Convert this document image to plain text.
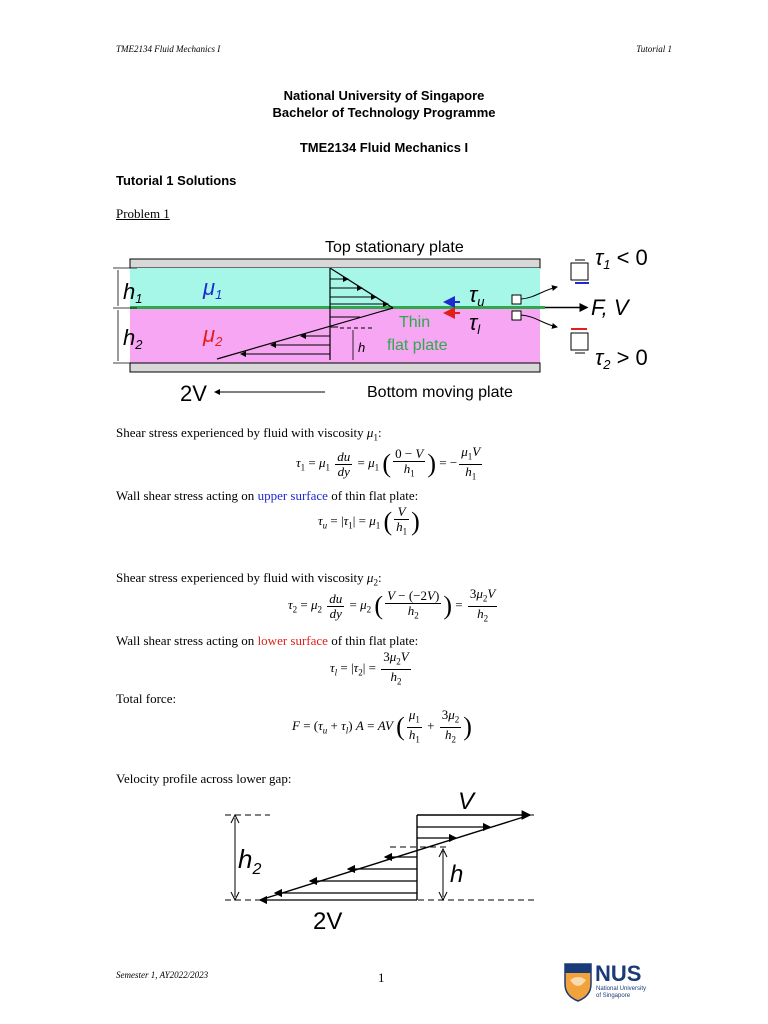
TME2134 Fluid Mechanics I	Tutorial 1
National University of Singapore
Bachelor of Technology Programme
TME2134 Fluid Mechanics I
Tutorial 1 Solutions
Problem 1
h1
h2
μ1
μ2	h
Thin
flat plate
τu
τl
F, V
τ1 < 0
τ2 > 0
Top stationary plate
Bottom moving plate
2V
Shear stress experienced by fluid with viscosity $\mu_1$:
$\tau_1 = \mu_1 \frac{du}{dy} = \mu_1$ ( $\frac{0 - V}{h_1}$ ) = − $\frac{\mu_1V}{h_1}$
Wall shear stress acting on upper surface of thin flat plate:
$\tau_u = |\tau_1| = \mu_1$ ( $\frac{V}{h_1}$ )
Shear stress experienced by fluid with viscosity $\mu_2$:
$\tau_2 = \mu_2 \frac{du}{dy} = \mu_2$ ( $\frac{V - (-2V)}{h_2}$ ) = $\frac{3\mu_2V}{h_2}$
Wall shear stress acting on lower surface of thin flat plate:
$\tau_l = |\tau_2| = \frac{3\mu_2V}{h_2}$
Total force:
$F = (\tau_u + \tau_l) A$ = AV ( $\frac{\mu_1}{h_1} + \frac{3\mu_2}{h_2}$ )
Velocity profile across lower gap:
V
$h_2$	h
2V
Semester 1, AY2022/2023	1	NUS
National University
of Singapore
